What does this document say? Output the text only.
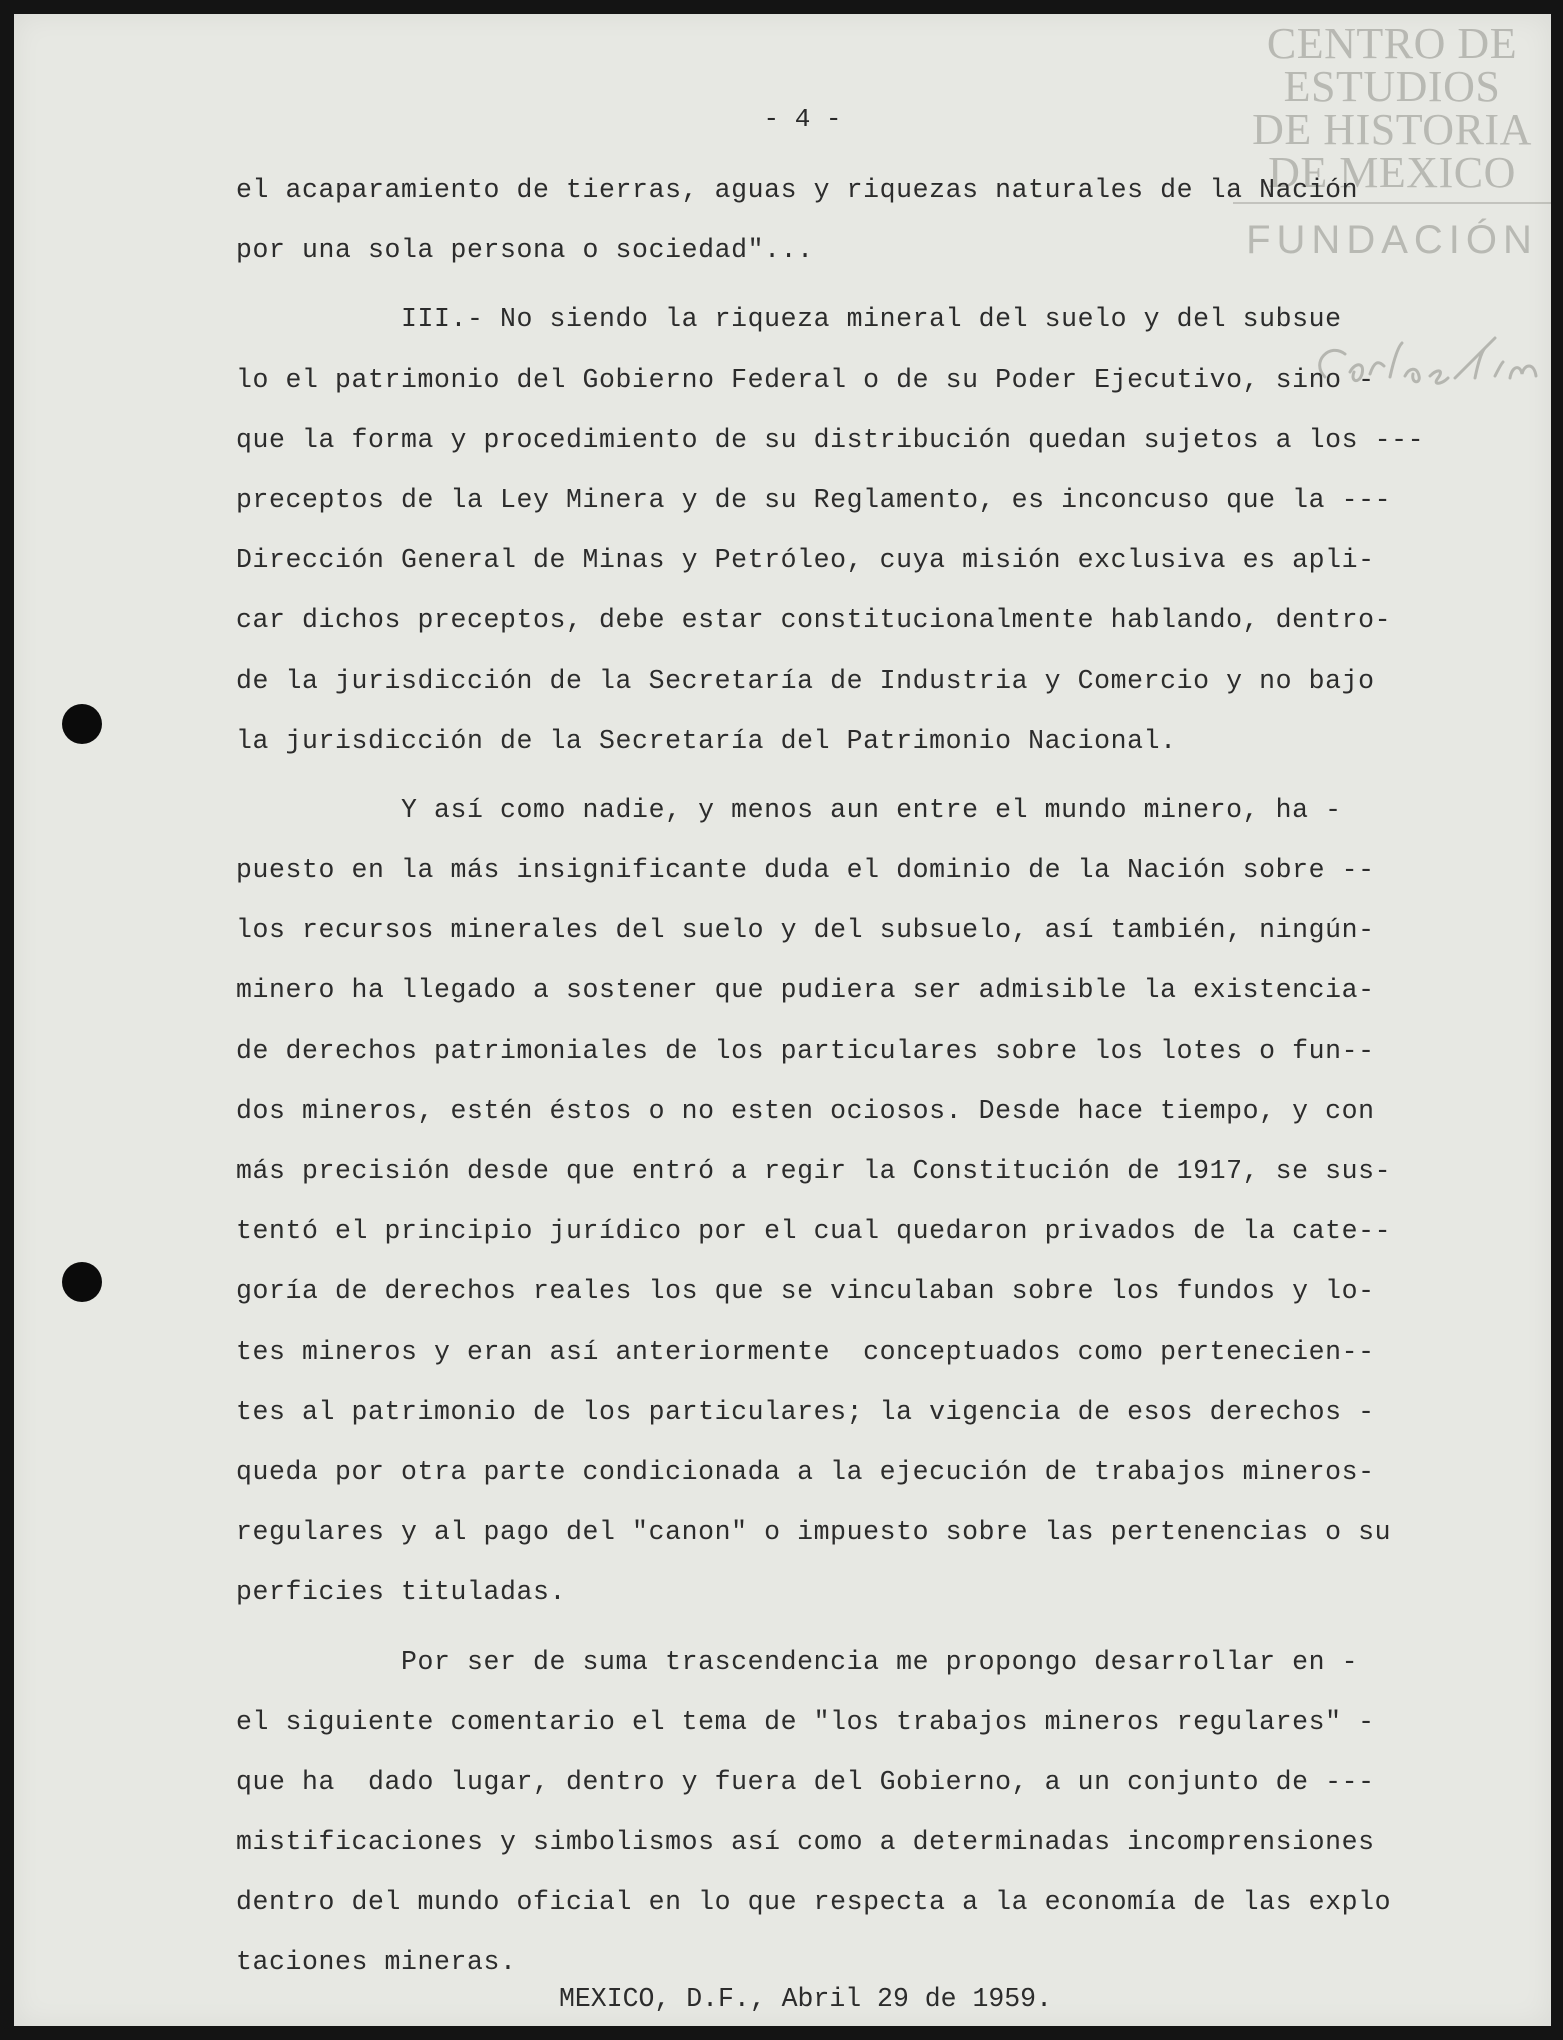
CENTRO DE
ESTUDIOS
DE HISTORIA
DE MEXICO
FUNDACIÓN
- 4 -
el acaparamiento de tierras, aguas y riquezas naturales de la Nación
por una sola persona o sociedad"...
III.- No siendo la riqueza mineral del suelo y del subsue
lo el patrimonio del Gobierno Federal o de su Poder Ejecutivo, sino -
que la forma y procedimiento de su distribución quedan sujetos a los ---
preceptos de la Ley Minera y de su Reglamento, es inconcuso que la ---
Dirección General de Minas y Petróleo, cuya misión exclusiva es apli-
car dichos preceptos, debe estar constitucionalmente hablando, dentro-
de la jurisdicción de la Secretaría de Industria y Comercio y no bajo
la jurisdicción de la Secretaría del Patrimonio Nacional.
Y así como nadie, y menos aun entre el mundo minero, ha -
puesto en la más insignificante duda el dominio de la Nación sobre --
los recursos minerales del suelo y del subsuelo, así también, ningún-
minero ha llegado a sostener que pudiera ser admisible la existencia-
de derechos patrimoniales de los particulares sobre los lotes o fun--
dos mineros, estén éstos o no esten ociosos. Desde hace tiempo, y con
más precisión desde que entró a regir la Constitución de 1917, se sus-
tentó el principio jurídico por el cual quedaron privados de la cate--
goría de derechos reales los que se vinculaban sobre los fundos y lo-
tes mineros y eran así anteriormente  conceptuados como pertenecien--
tes al patrimonio de los particulares; la vigencia de esos derechos -
queda por otra parte condicionada a la ejecución de trabajos mineros-
regulares y al pago del "canon" o impuesto sobre las pertenencias o su
perficies tituladas.
Por ser de suma trascendencia me propongo desarrollar en -
el siguiente comentario el tema de "los trabajos mineros regulares" -
que ha  dado lugar, dentro y fuera del Gobierno, a un conjunto de ---
mistificaciones y simbolismos así como a determinadas incomprensiones
dentro del mundo oficial en lo que respecta a la economía de las explo
taciones mineras.
MEXICO, D.F., Abril 29 de 1959.
